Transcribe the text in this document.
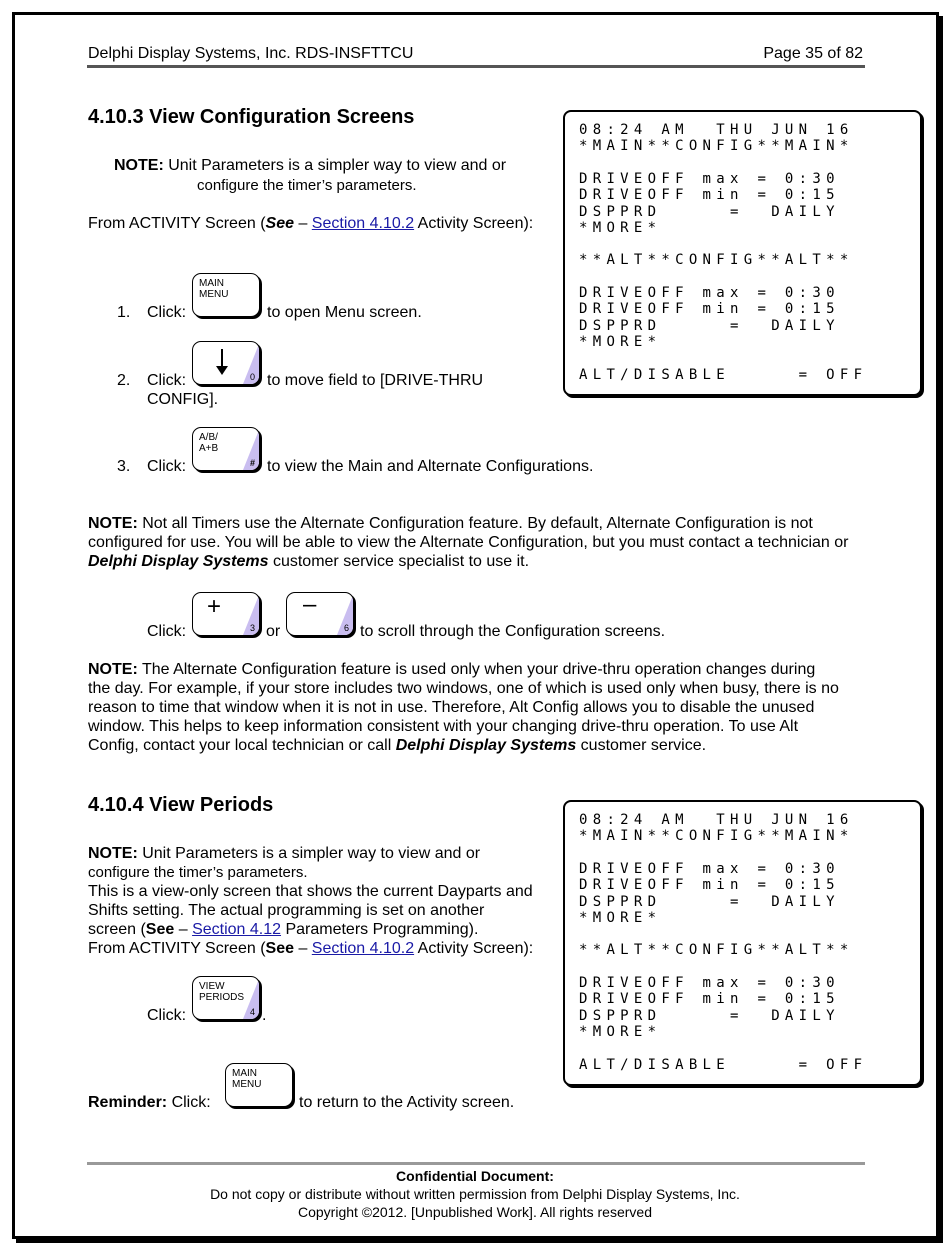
Delphi Display Systems, Inc. RDS-INSFTTCU	Page 35 of 82
4.10.3 View Configuration Screens
NOTE: Unit Parameters is a simpler way to view and or
configure the timer’s parameters.
From ACTIVITY Screen (See – Section 4.10.2 Activity Screen):
1. Click:
MAIN
MENU
to open Menu screen.
2. Click:	0 to move field to [DRIVE-THRU
CONFIG].
3. Click:
A/B/
A+B
# to view the Main and Alternate Configurations.
NOTE: Not all Timers use the Alternate Configuration feature. By default, Alternate Configuration is not
configured for use. You will be able to view the Alternate Configuration, but you must contact a technician or
Delphi Display Systems customer service specialist to use it.
Click:
+
3 or
–
6 to scroll through the Configuration screens.
NOTE: The Alternate Configuration feature is used only when your drive-thru operation changes during
the day. For example, if your store includes two windows, one of which is used only when busy, there is no
reason to time that window when it is not in use. Therefore, Alt Config allows you to disable the unused
window. This helps to keep information consistent with your changing drive-thru operation. To use Alt
Config, contact your local technician or call Delphi Display Systems customer service.
4.10.4 View Periods
NOTE: Unit Parameters is a simpler way to view and or
configure the timer’s parameters.
This is a view-only screen that shows the current Dayparts and
Shifts setting. The actual programming is set on another
screen (See – Section 4.12 Parameters Programming).
From ACTIVITY Screen (See – Section 4.10.2 Activity Screen):
Click:
VIEW
PERIODS
4 .
Reminder: Click:
MAIN
MENU
to return to the Activity screen.
08:24 AM  THU JUN 16
*MAIN**CONFIG**MAIN*
DRIVEOFF max = 0:30
DRIVEOFF min = 0:15
DSPPRD     =  DAILY
*MORE*
**ALT**CONFIG**ALT**
DRIVEOFF max = 0:30
DRIVEOFF min = 0:15
DSPPRD     =  DAILY
*MORE*
ALT/DISABLE     = OFF
08:24 AM  THU JUN 16
*MAIN**CONFIG**MAIN*
DRIVEOFF max = 0:30
DRIVEOFF min = 0:15
DSPPRD     =  DAILY
*MORE*
**ALT**CONFIG**ALT**
DRIVEOFF max = 0:30
DRIVEOFF min = 0:15
DSPPRD     =  DAILY
*MORE*
ALT/DISABLE     = OFF
Confidential Document:
Do not copy or distribute without written permission from Delphi Display Systems, Inc.
Copyright ©2012. [Unpublished Work]. All rights reserved
